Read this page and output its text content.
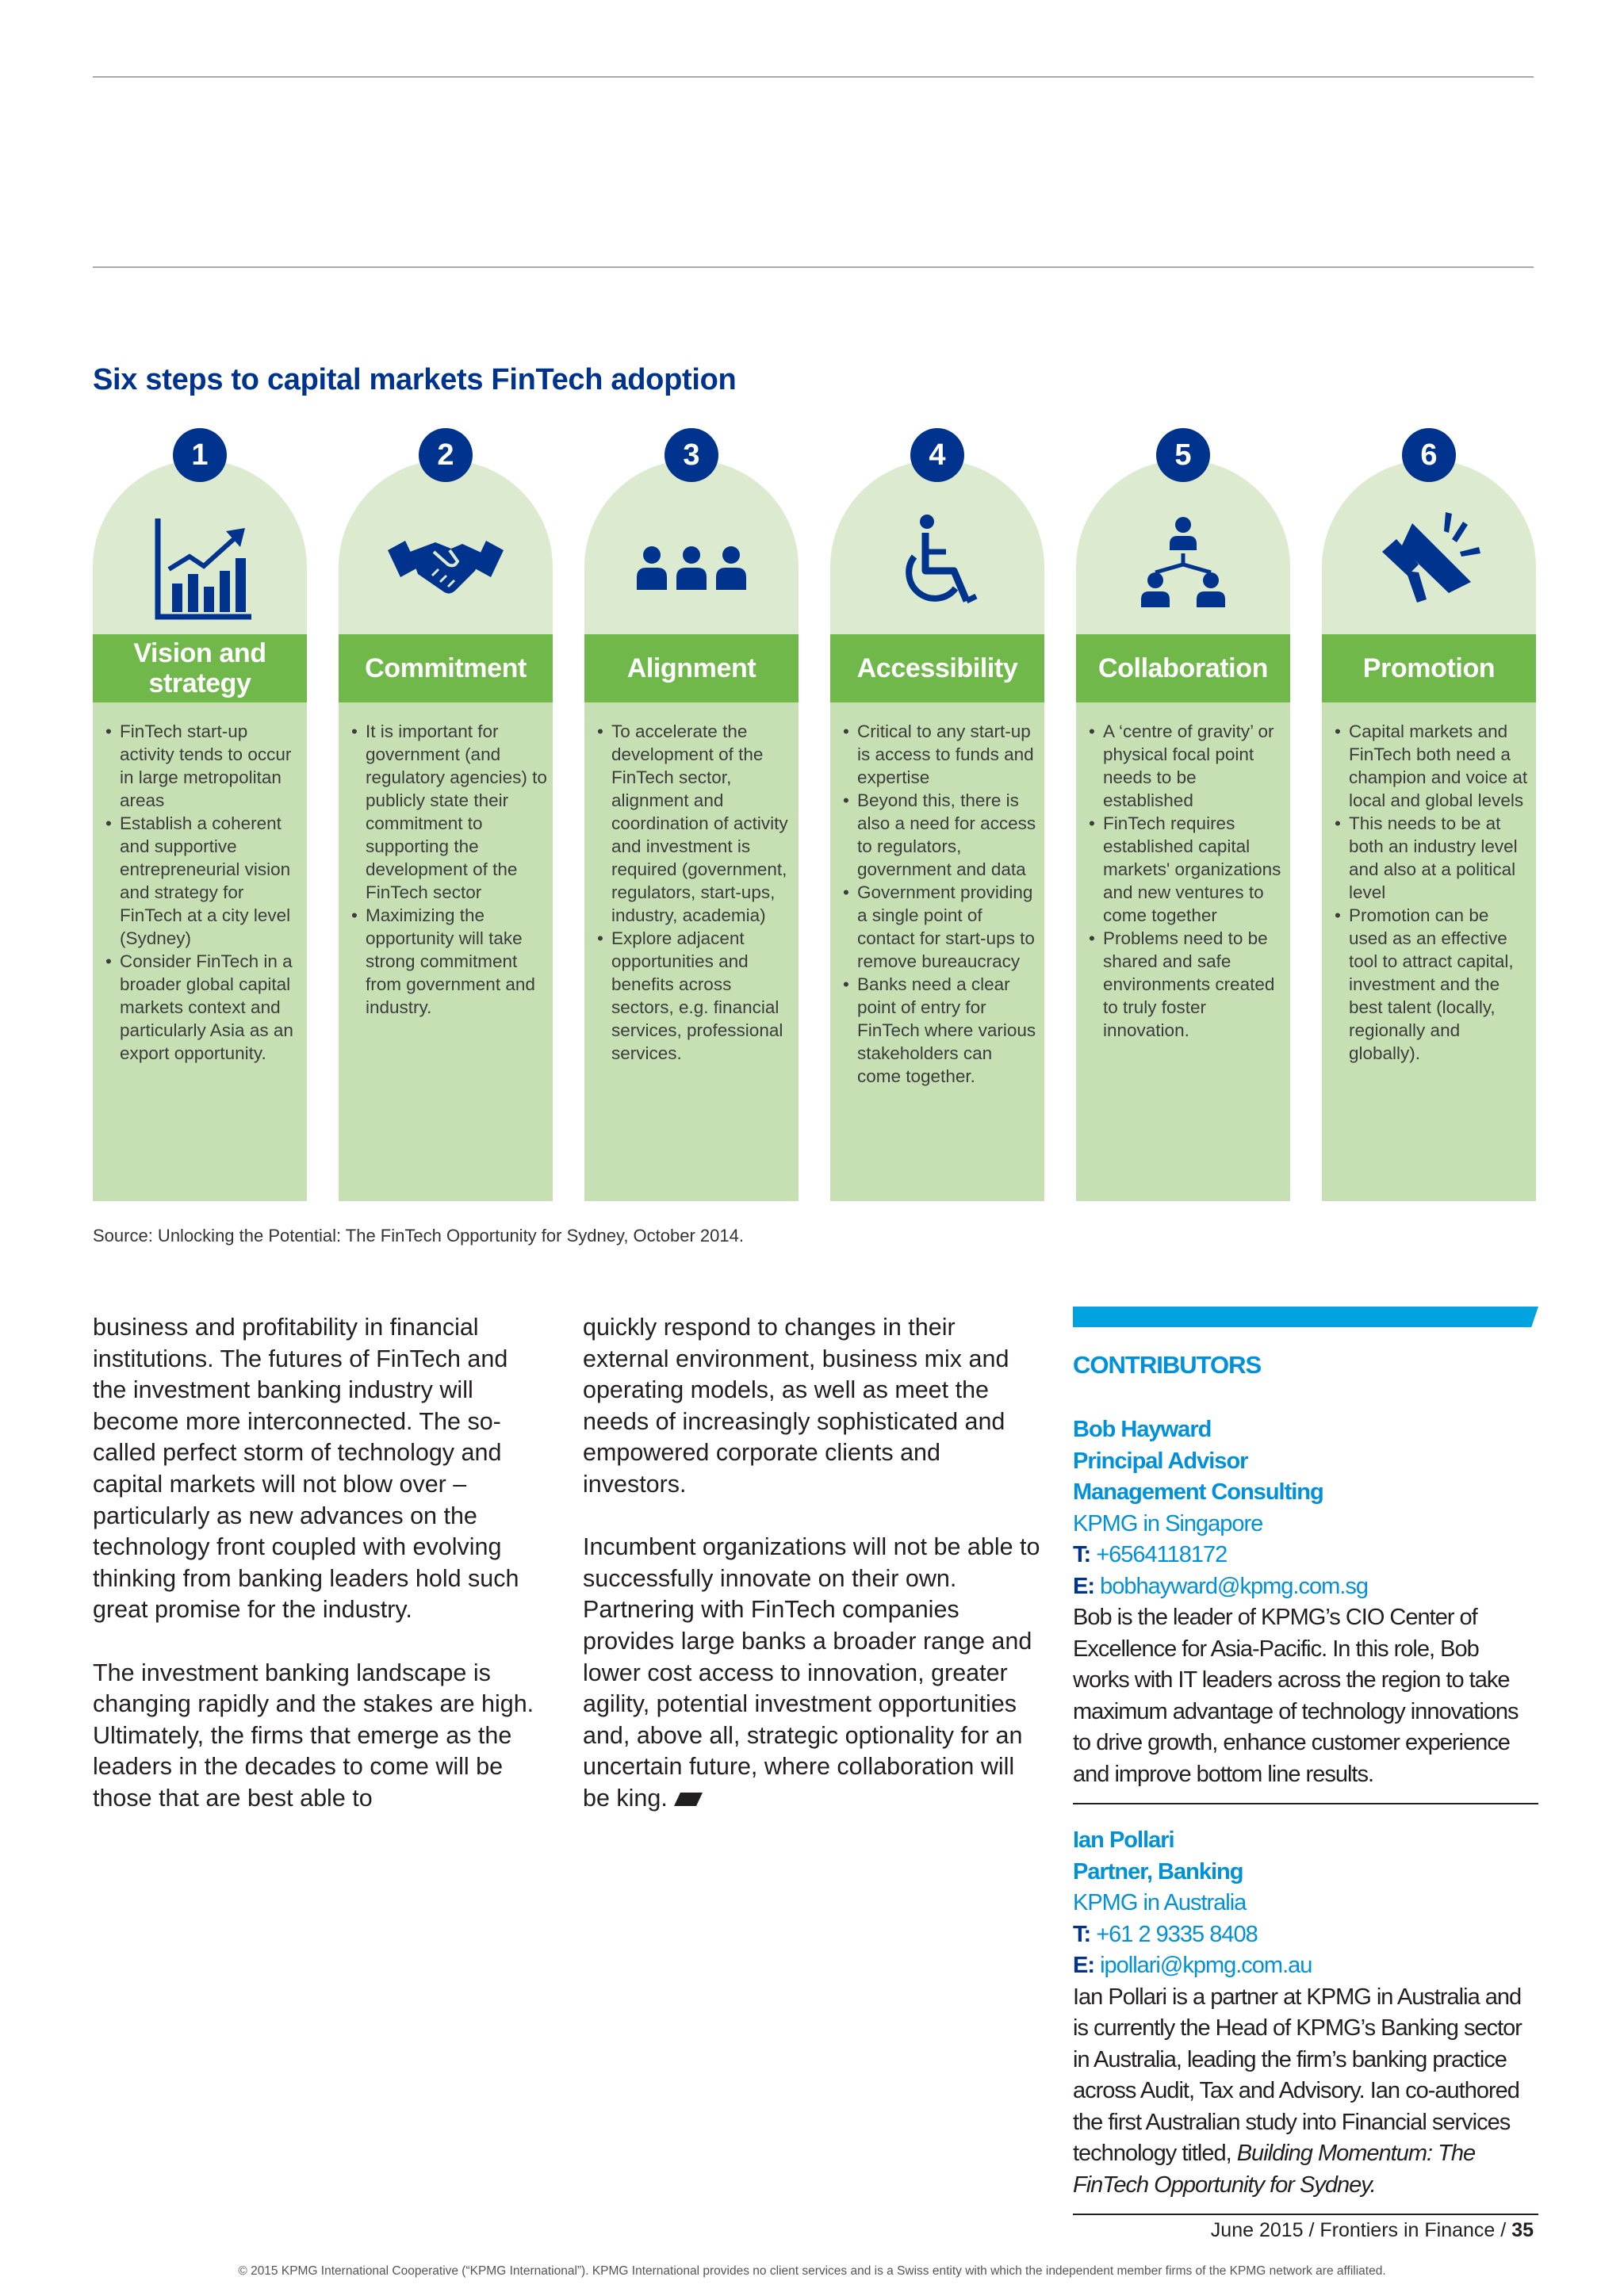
Six steps to capital markets FinTech adoption
1
Vision and strategy
• FinTech start-up activity tends to occur in large metropolitan areas
• Establish a coherent and supportive entrepreneurial vision and strategy for FinTech at a city level (Sydney)
• Consider FinTech in a broader global capital markets context and particularly Asia as an export opportunity.
2
Commitment
• It is important for government (and regulatory agencies) to publicly state their commitment to supporting the development of the FinTech sector
• Maximizing the opportunity will take strong commitment from government and industry.
3
Alignment
• To accelerate the development of the FinTech sector, alignment and coordination of activity and investment is required (government, regulators, start-ups, industry, academia)
• Explore adjacent opportunities and benefits across sectors, e.g. financial services, professional services.
4
Accessibility
• Critical to any start-up is access to funds and expertise
• Beyond this, there is also a need for access to regulators, government and data
• Government providing a single point of contact for start-ups to remove bureaucracy
• Banks need a clear point of entry for FinTech where various stakeholders can come together.
5
Collaboration
• A ‘centre of gravity’ or physical focal point needs to be established
• FinTech requires established capital markets' organizations and new ventures to come together
• Problems need to be shared and safe environments created to truly foster innovation.
6
Promotion
• Capital markets and FinTech both need a champion and voice at local and global levels
• This needs to be at both an industry level and also at a political level
• Promotion can be used as an effective tool to attract capital, investment and the best talent (locally, regionally and globally).

Source: Unlocking the Potential: The FinTech Opportunity for Sydney, October 2014.

business and profitability in financial institutions. The futures of FinTech and the investment banking industry will become more interconnected. The so-called perfect storm of technology and capital markets will not blow over – particularly as new advances on the technology front coupled with evolving thinking from banking leaders hold such great promise for the industry.

The investment banking landscape is changing rapidly and the stakes are high. Ultimately, the firms that emerge as the leaders in the decades to come will be those that are best able to

quickly respond to changes in their external environment, business mix and operating models, as well as meet the needs of increasingly sophisticated and empowered corporate clients and investors.

Incumbent organizations will not be able to successfully innovate on their own. Partnering with FinTech companies provides large banks a broader range and lower cost access to innovation, greater agility, potential investment opportunities and, above all, strategic optionality for an uncertain future, where collaboration will be king.

CONTRIBUTORS
Bob Hayward
Principal Advisor
Management Consulting
KPMG in Singapore
T: +6564118172
E: bobhayward@kpmg.com.sg
Bob is the leader of KPMG’s CIO Center of Excellence for Asia-Pacific. In this role, Bob works with IT leaders across the region to take maximum advantage of technology innovations to drive growth, enhance customer experience and improve bottom line results.
Ian Pollari
Partner, Banking
KPMG in Australia
T: +61 2 9335 8408
E: ipollari@kpmg.com.au
Ian Pollari is a partner at KPMG in Australia and is currently the Head of KPMG’s Banking sector in Australia, leading the firm’s banking practice across Audit, Tax and Advisory. Ian co-authored the first Australian study into Financial services technology titled, Building Momentum: The FinTech Opportunity for Sydney.
June 2015 / Frontiers in Finance / 35
© 2015 KPMG International Cooperative (“KPMG International”). KPMG International provides no client services and is a Swiss entity with which the independent member firms of the KPMG network are affiliated.
